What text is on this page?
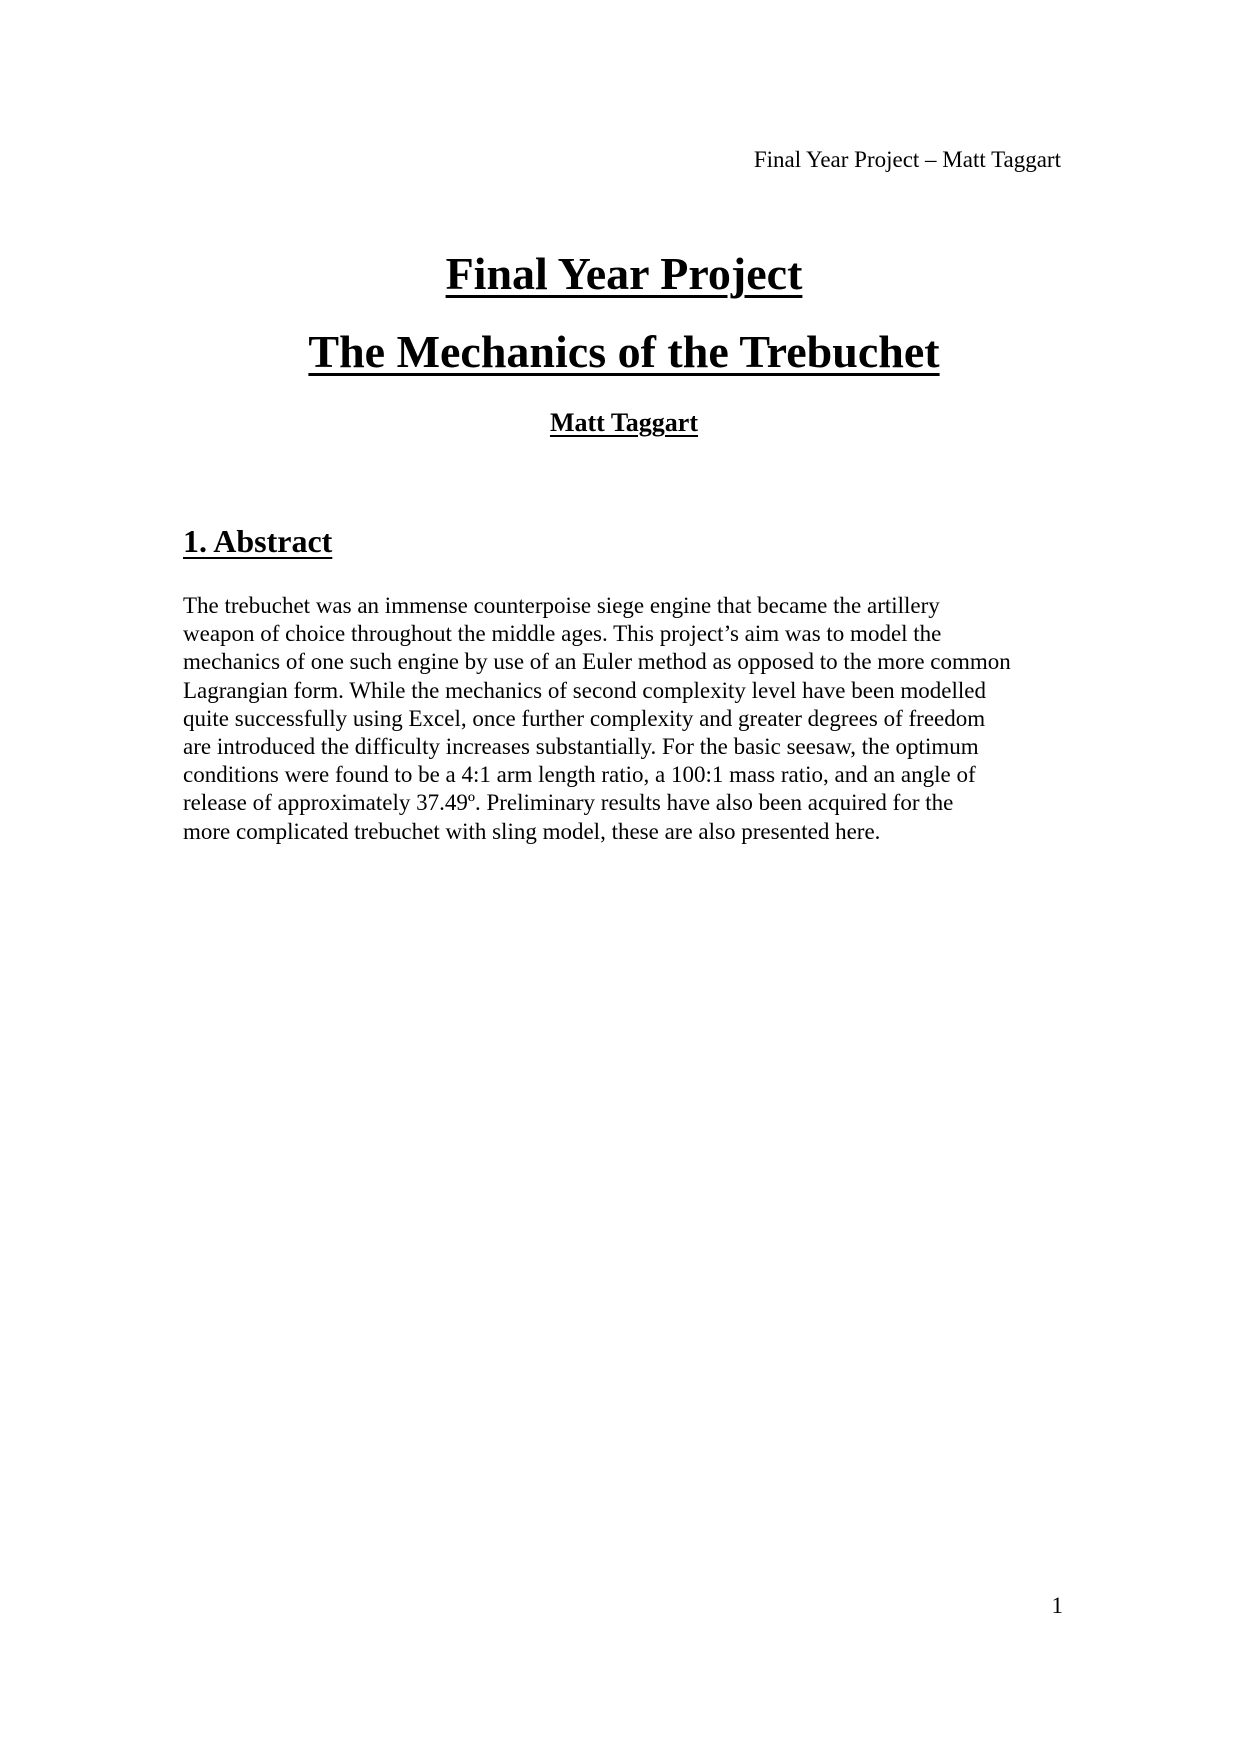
Final Year Project – Matt Taggart
Final Year Project
The Mechanics of the Trebuchet

Matt Taggart

1. Abstract
The trebuchet was an immense counterpoise siege engine that became the artillery
weapon of choice throughout the middle ages. This project’s aim was to model the
mechanics of one such engine by use of an Euler method as opposed to the more common
Lagrangian form. While the mechanics of second complexity level have been modelled
quite successfully using Excel, once further complexity and greater degrees of freedom
are introduced the difficulty increases substantially. For the basic seesaw, the optimum
conditions were found to be a 4:1 arm length ratio, a 100:1 mass ratio, and an angle of
release of approximately 37.49º. Preliminary results have also been acquired for the
more complicated trebuchet with sling model, these are also presented here.
1
